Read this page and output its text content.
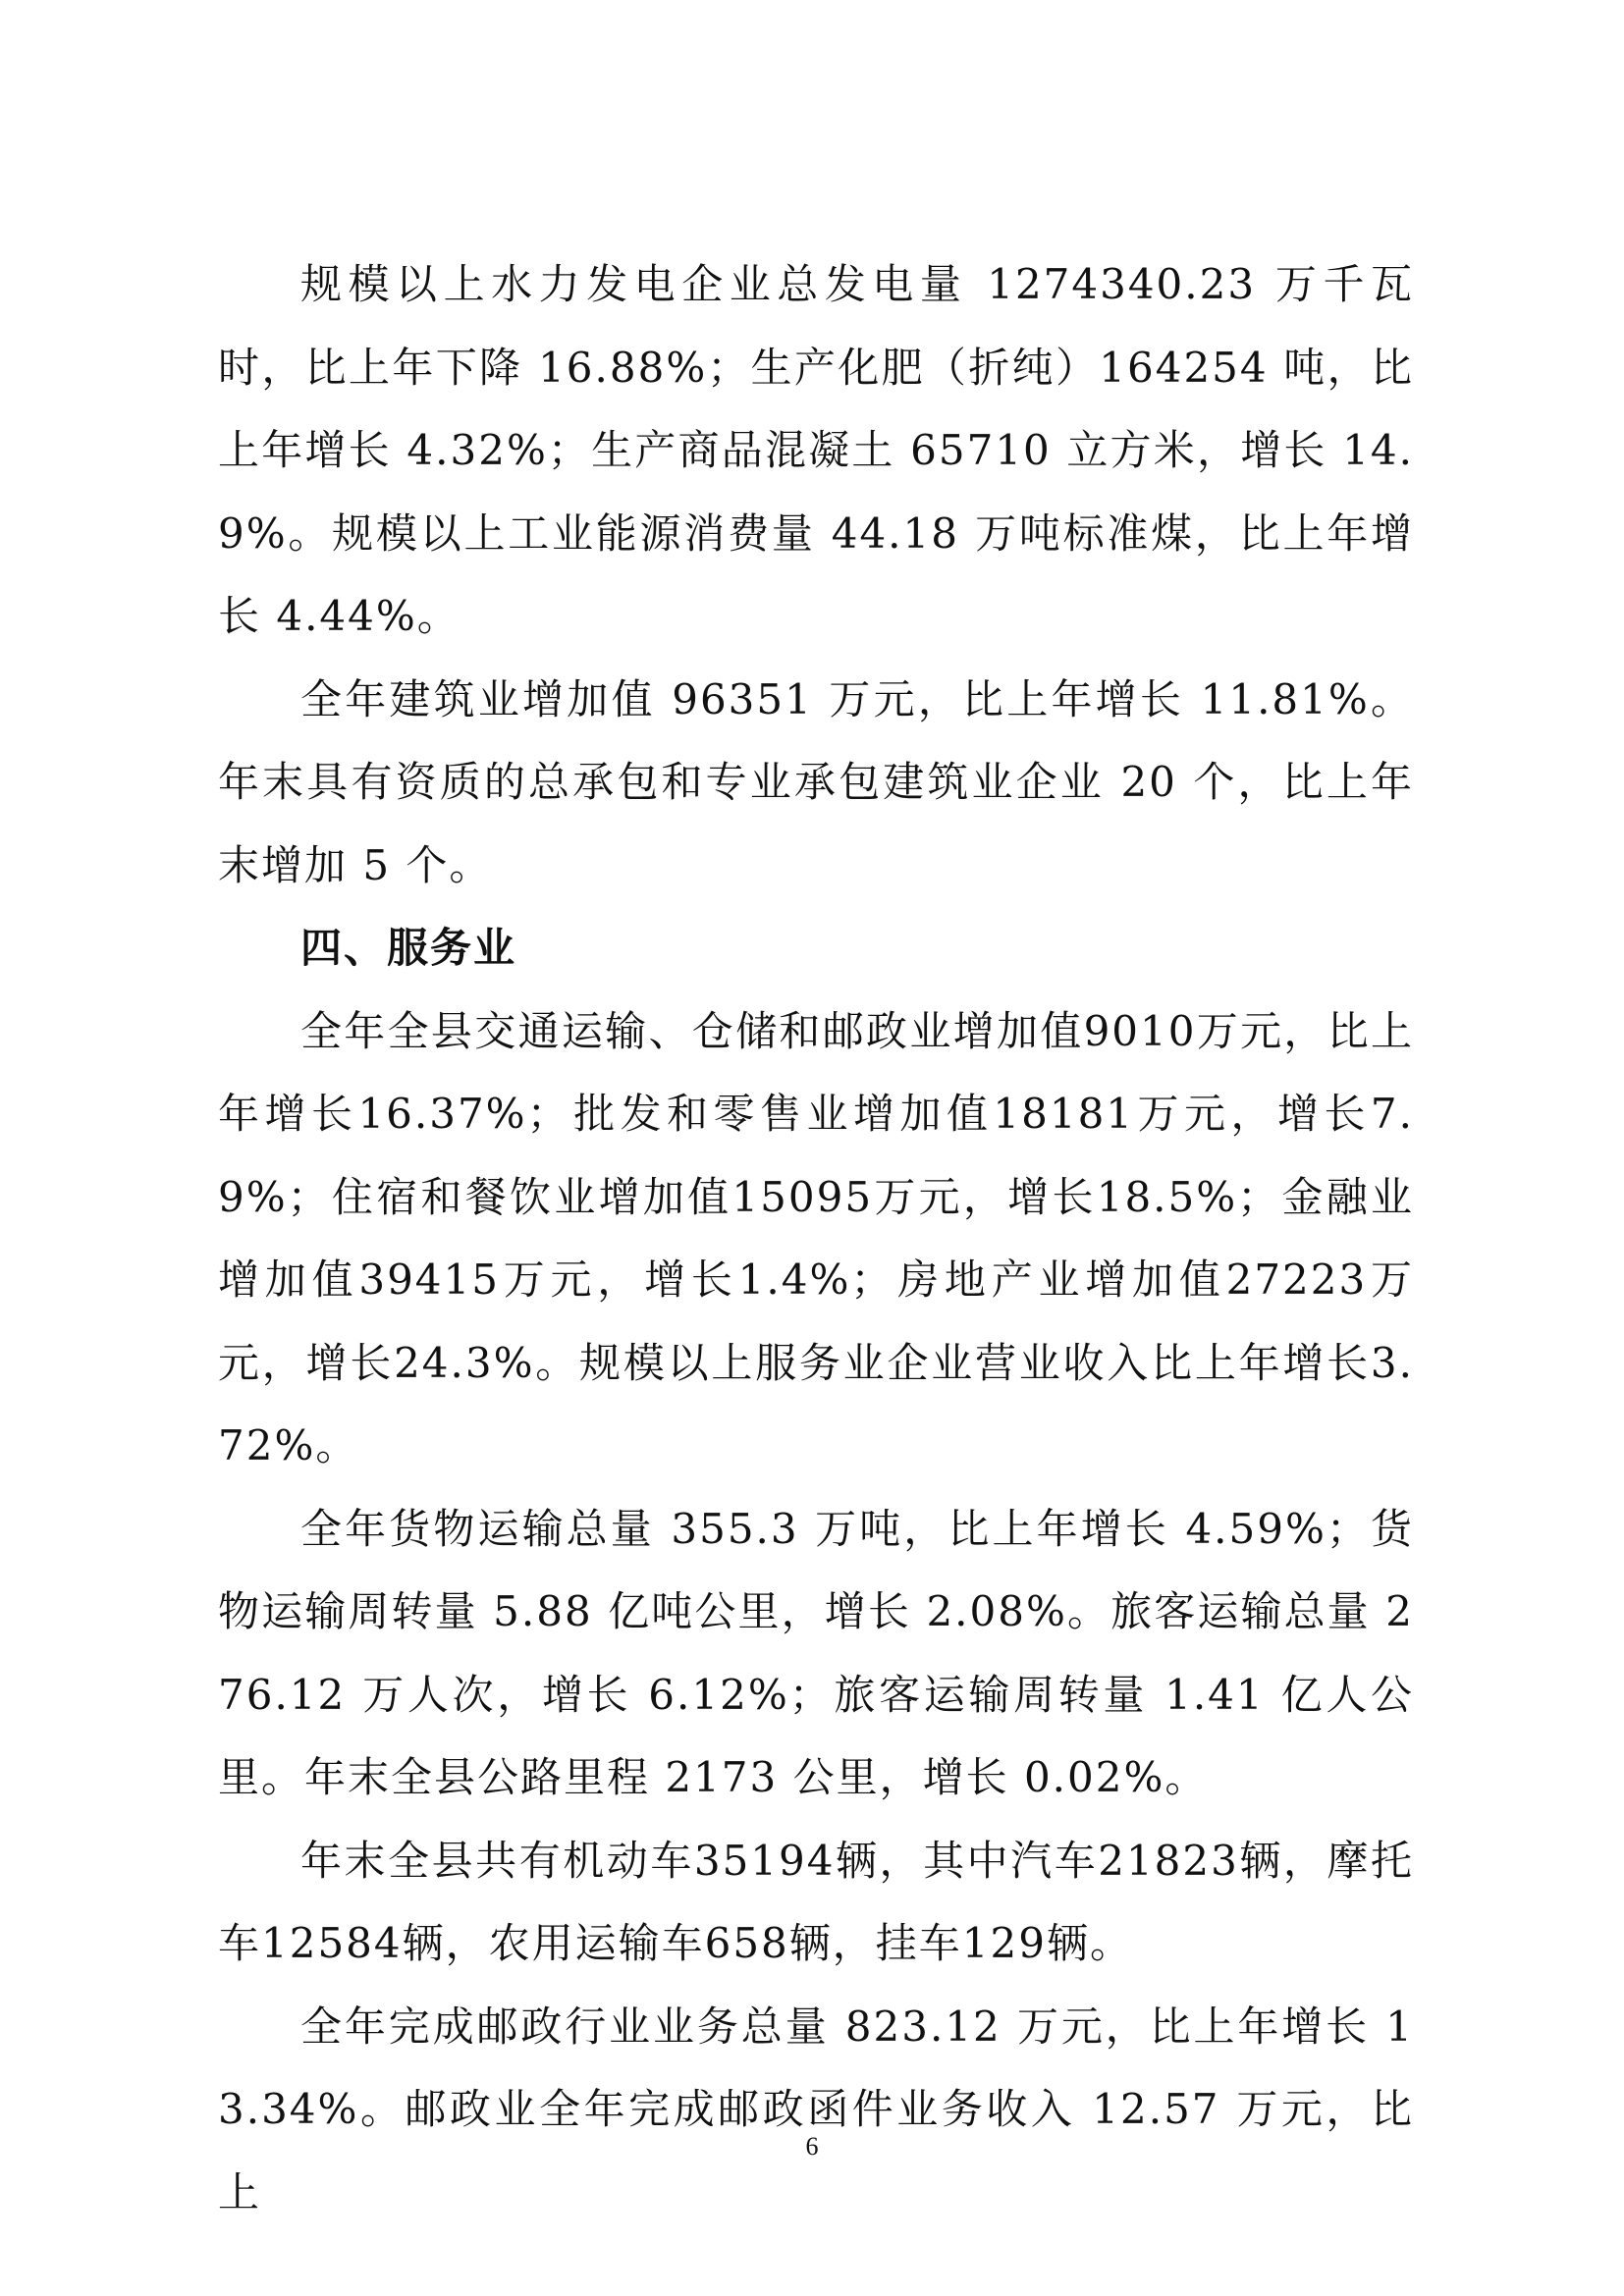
规模以上水力发电企业总发电量 1274340.23 万千瓦时，比上年下降 16.88%；生产化肥（折纯）164254 吨，比上年增长 4.32%；生产商品混凝土 65710 立方米，增长 14.9%。规模以上工业能源消费量 44.18 万吨标准煤，比上年增长 4.44%。

全年建筑业增加值 96351 万元，比上年增长 11.81%。年末具有资质的总承包和专业承包建筑业企业 20 个，比上年末增加 5 个。

四、服务业

全年全县交通运输、仓储和邮政业增加值9010万元，比上年增长16.37%；批发和零售业增加值18181万元，增长7.9%；住宿和餐饮业增加值15095万元，增长18.5%；金融业增加值39415万元，增长1.4%；房地产业增加值27223万元，增长24.3%。规模以上服务业企业营业收入比上年增长3.72%。

全年货物运输总量 355.3 万吨，比上年增长 4.59%；货物运输周转量 5.88 亿吨公里，增长 2.08%。旅客运输总量 276.12 万人次，增长 6.12%；旅客运输周转量 1.41 亿人公里。年末全县公路里程 2173 公里，增长 0.02%。

年末全县共有机动车35194辆，其中汽车21823辆，摩托车12584辆，农用运输车658辆，挂车129辆。

全年完成邮政行业业务总量 823.12 万元，比上年增长 13.34%。邮政业全年完成邮政函件业务收入 12.57 万元，比上

6
